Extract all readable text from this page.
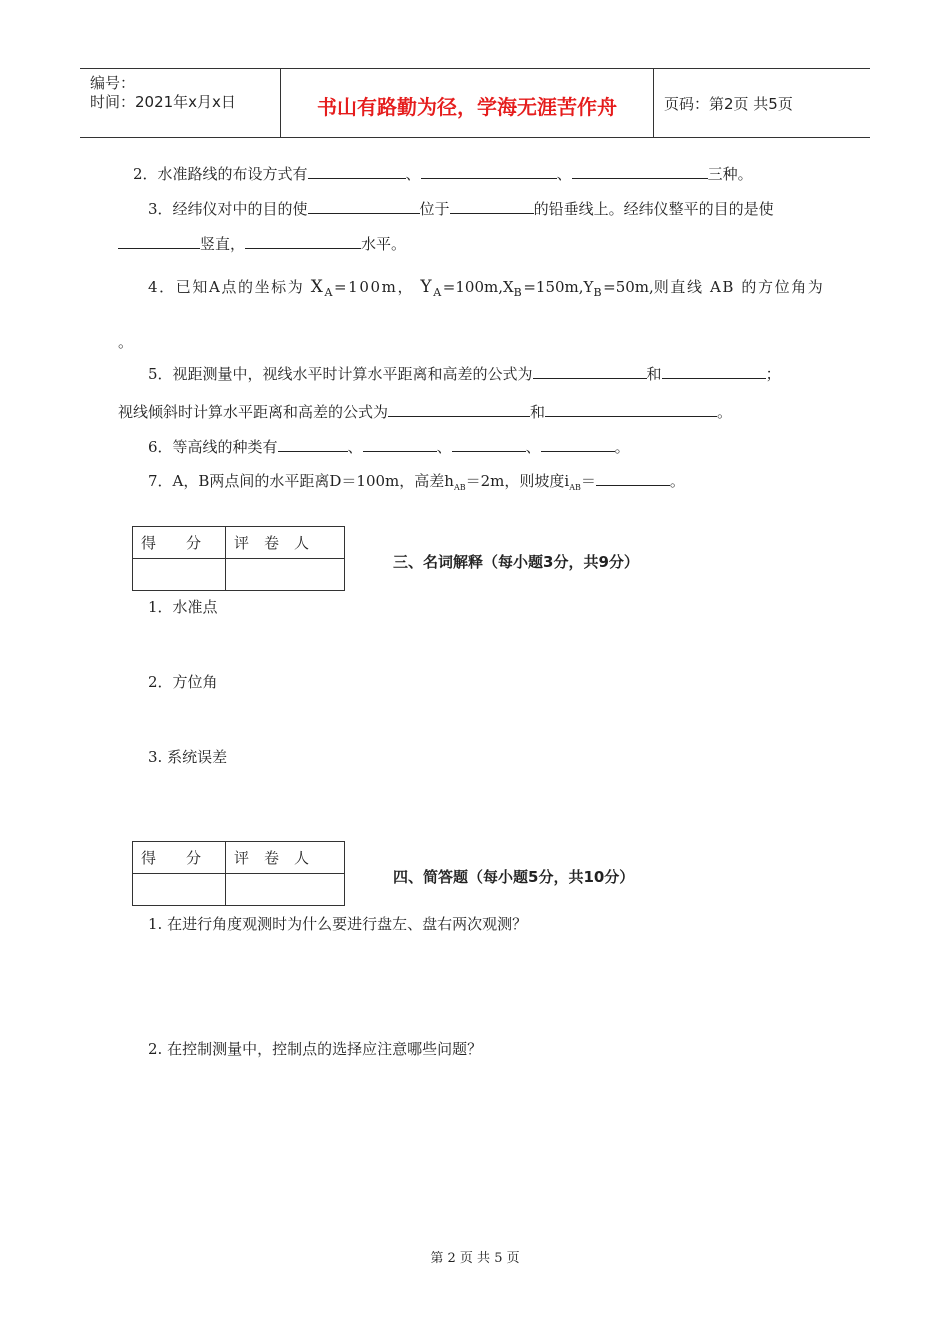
编号：
时间：2021年x月x日	书山有路勤为径，学海无涯苦作舟	页码：第2页 共5页
2．水准路线的布设方式有	、	、	三种。
3．经纬仪对中的目的使	位于	的铅垂线上。经纬仪整平的目的是使
竖直，	水平。
4．已知A点的坐标为 $X_A=100m$， $Y_A=100m,X_B=150m,Y_B=50m$,则直线 AB 的方位角为
。
5．视距测量中，视线水平时计算水平距离和高差的公式为	和	；
视线倾斜时计算水平距离和高差的公式为	和	。
6．等高线的种类有	、	、	、	。
7．A，B两点间的水平距离D＝100m，高差$h_{AB}=2m$，则坡度$i_{AB}=$	。
得　　分	评　卷　人

三、名词解释（每小题3分，共9分）
1．水准点
2．方位角
3. 系统误差
得　　分	评　卷　人

四、简答题（每小题5分，共10分）
1. 在进行角度观测时为什么要进行盘左、盘右两次观测？
2. 在控制测量中，控制点的选择应注意哪些问题？
第 2 页 共 5 页
